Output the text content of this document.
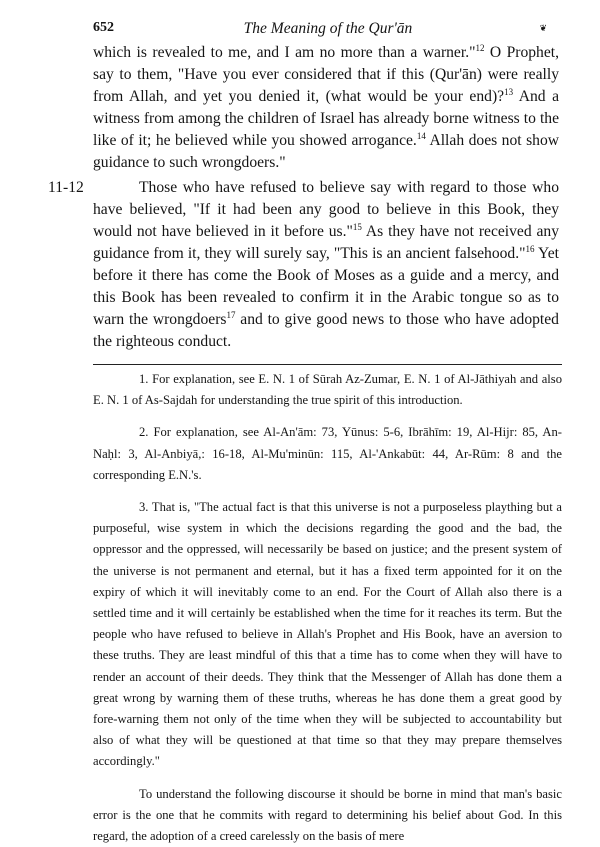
652	The Meaning of the Qur'ān	❦

which is revealed to me, and I am no more than a warner."$^{12}$ O Prophet, say to them, "Have you ever considered that if this (Qur'ān) were really from Allah, and yet you denied it, (what would be your end)?$^{13}$ And a witness from among the children of Israel has already borne witness to the like of it; he believed while you showed arrogance.$^{14}$ Allah does not show guidance to such wrongdoers."

11-12	Those who have refused to believe say with regard to those who have believed, "If it had been any good to believe in this Book, they would not have believed in it before us."$^{15}$ As they have not received any guidance from it, they will surely say, "This is an ancient falsehood."$^{16}$ Yet before it there has come the Book of Moses as a guide and a mercy, and this Book has been revealed to confirm it in the Arabic tongue so as to warn the wrongdoers$^{17}$ and to give good news to those who have adopted the righteous conduct.

1. For explanation, see E. N. 1 of Sūrah Az-Zumar, E. N. 1 of Al-Jāthiyah and also E. N. 1 of As-Sajdah for understanding the true spirit of this introduction.

2. For explanation, see Al-An'ām: 73, Yūnus: 5-6, Ibrāhīm: 19, Al-Hijr: 85, An-Naḥl: 3, Al-Anbiyā,: 16-18, Al-Mu'minūn: 115, Al-'Ankabūt: 44, Ar-Rūm: 8 and the corresponding E.N.'s.

3. That is, "The actual fact is that this universe is not a purposeless plaything but a purposeful, wise system in which the decisions regarding the good and the bad, the oppressor and the oppressed, will necessarily be based on justice; and the present system of the universe is not permanent and eternal, but it has a fixed term appointed for it on the expiry of which it will inevitably come to an end. For the Court of Allah also there is a settled time and it will certainly be established when the time for it reaches its term. But the people who have refused to believe in Allah's Prophet and His Book, have an aversion to these truths. They are least mindful of this that a time has to come when they will have to render an account of their deeds. They think that the Messenger of Allah has done them a great wrong by warning them of these truths, whereas he has done them a great good by fore-warning them not only of the time when they will be subjected to accountability but also of what they will be questioned at that time so that they may prepare themselves accordingly."

To understand the following discourse it should be borne in mind that man's basic error is the one that he commits with regard to determining his belief about God. In this regard, the adoption of a creed carelessly on the basis of mere
